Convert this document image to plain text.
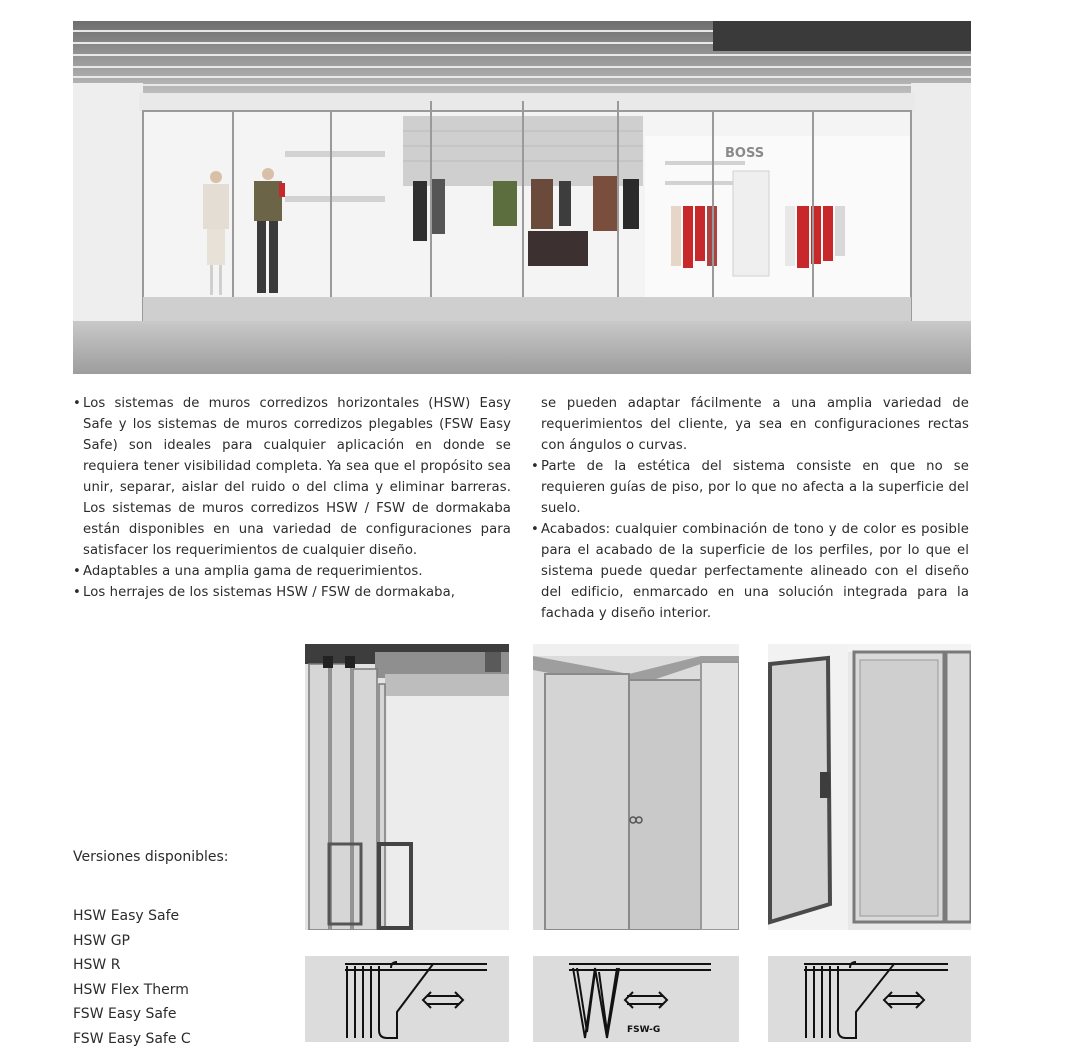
BOSS
• Los sistemas de muros corredizos horizontales (HSW) Easy Safe y los sistemas de muros corredizos plegables (FSW Easy Safe) son ideales para cualquier aplicación en donde se requiera tener visibilidad completa. Ya sea que el propósito sea unir, separar, aislar del ruido o del clima y eliminar barreras. Los sistemas de muros corredizos HSW / FSW de dormakaba están disponibles en una variedad de configuraciones para satisfacer los requerimientos de cualquier diseño.
• Adaptables a una amplia gama de requerimientos.
• Los herrajes de los sistemas HSW / FSW de dormakaba,
se pueden adaptar fácilmente a una amplia variedad de requerimientos del cliente, ya sea en configuraciones rectas con ángulos o curvas.
• Parte de la estética del sistema consiste en que no se requieren guías de piso, por lo que no afecta a la superficie del suelo.
• Acabados: cualquier combinación de tono y de color es posible para el acabado de la superficie de los perfiles, por lo que el sistema puede quedar perfectamente alineado con el diseño del edificio, enmarcado en una solución integrada para la fachada y diseño interior.
Versiones disponibles:
HSW Easy Safe
HSW GP
HSW R
HSW Flex Therm
FSW Easy Safe
FSW Easy Safe C
FSW-G
